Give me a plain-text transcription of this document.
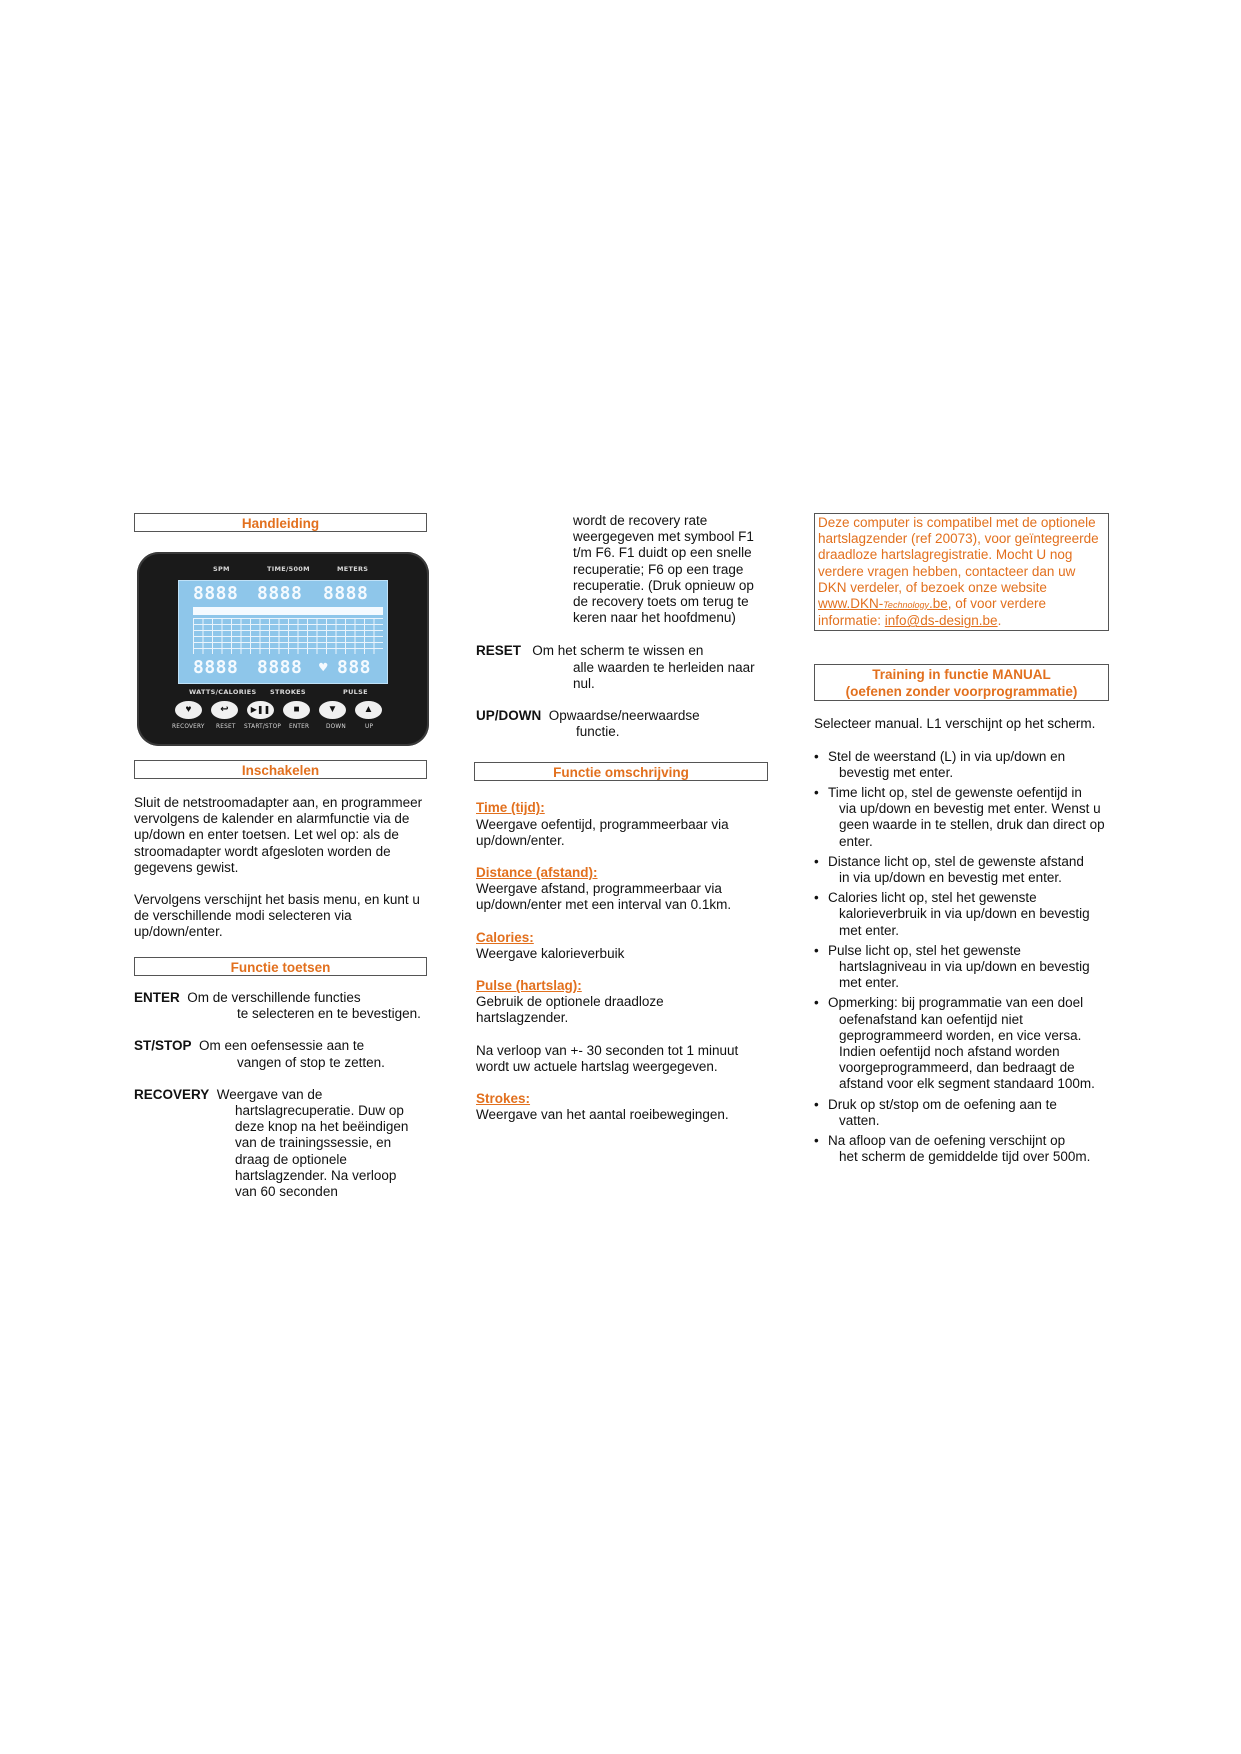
Handleiding
SPM	TIME/500M	METERS
8888 8888 8888
8888 8888 ♥ 888
WATTS/CALORIES STROKES	PULSE
♥	↩	▶❚❚	■	▼	▲
RECOVERY RESET START/STOP ENTER	DOWN	UP
Inschakelen

Sluit de netstroomadapter aan, en programmeer vervolgens de kalender en alarmfunctie via de up/down en enter toetsen. Let wel op: als de stroomadapter wordt afgesloten worden de gegevens gewist.

Vervolgens verschijnt het basis menu, en kunt u de verschillende modi selecteren via up/down/enter.

Functie toetsen

ENTER Om de verschillende functies

te selecteren en te bevestigen.

ST/STOP Om een oefensessie aan te

vangen of stop te zetten.

RECOVERY Weergave van de

hartslagrecuperatie. Duw op deze knop na het beëindigen van de trainingssessie, en draag de optionele hartslagzender. Na verloop van 60 seconden

wordt de recovery rate weergegeven met symbool F1 t/m F6. F1 duidt op een snelle recuperatie; F6 op een trage recuperatie. (Druk opnieuw op de recovery toets om terug te keren naar het hoofdmenu)

RESET Om het scherm te wissen en

alle waarden te herleiden naar nul.

UP/DOWN Opwaardse/neerwaardse

functie.

Functie omschrijving

Time (tijd):

Weergave oefentijd, programmeerbaar via up/down/enter.

Distance (afstand):

Weergave afstand, programmeerbaar via up/down/enter met een interval van 0.1km.

Calories:

Weergave kalorieverbuik

Pulse (hartslag):

Gebruik de optionele draadloze hartslagzender.

Na verloop van +- 30 seconden tot 1 minuut wordt uw actuele hartslag weergegeven.

Strokes:

Weergave van het aantal roeibewegingen.

Deze computer is compatibel met de optionele hartslagzender (ref 20073), voor geïntegreerde draadloze hartslagregistratie. Mocht U nog verdere vragen hebben, contacteer dan uw DKN verdeler, of bezoek onze website www.DKN-Technology.be, of voor verdere informatie: info@ds-design.be.
Training in functie MANUAL
(oefenen zonder voorprogrammatie)

Selecteer manual. L1 verschijnt op het scherm.

• Stel de weerstand (L) in via up/down en
bevestig met enter.
• Time licht op, stel de gewenste oefentijd in
via up/down en bevestig met enter. Wenst u geen waarde in te stellen, druk dan direct op enter.
• Distance licht op, stel de gewenste afstand
in via up/down en bevestig met enter.
• Calories licht op, stel het gewenste
kalorieverbruik in via up/down en bevestig met enter.
• Pulse licht op, stel het gewenste
hartslagniveau in via up/down en bevestig met enter.
• Opmerking: bij programmatie van een doel
oefenafstand kan oefentijd niet geprogrammeerd worden, en vice versa. Indien oefentijd noch afstand worden voorgeprogrammeerd, dan bedraagt de afstand voor elk segment standaard 100m.
• Druk op st/stop om de oefening aan te
vatten.
• Na afloop van de oefening verschijnt op
het scherm de gemiddelde tijd over 500m.
